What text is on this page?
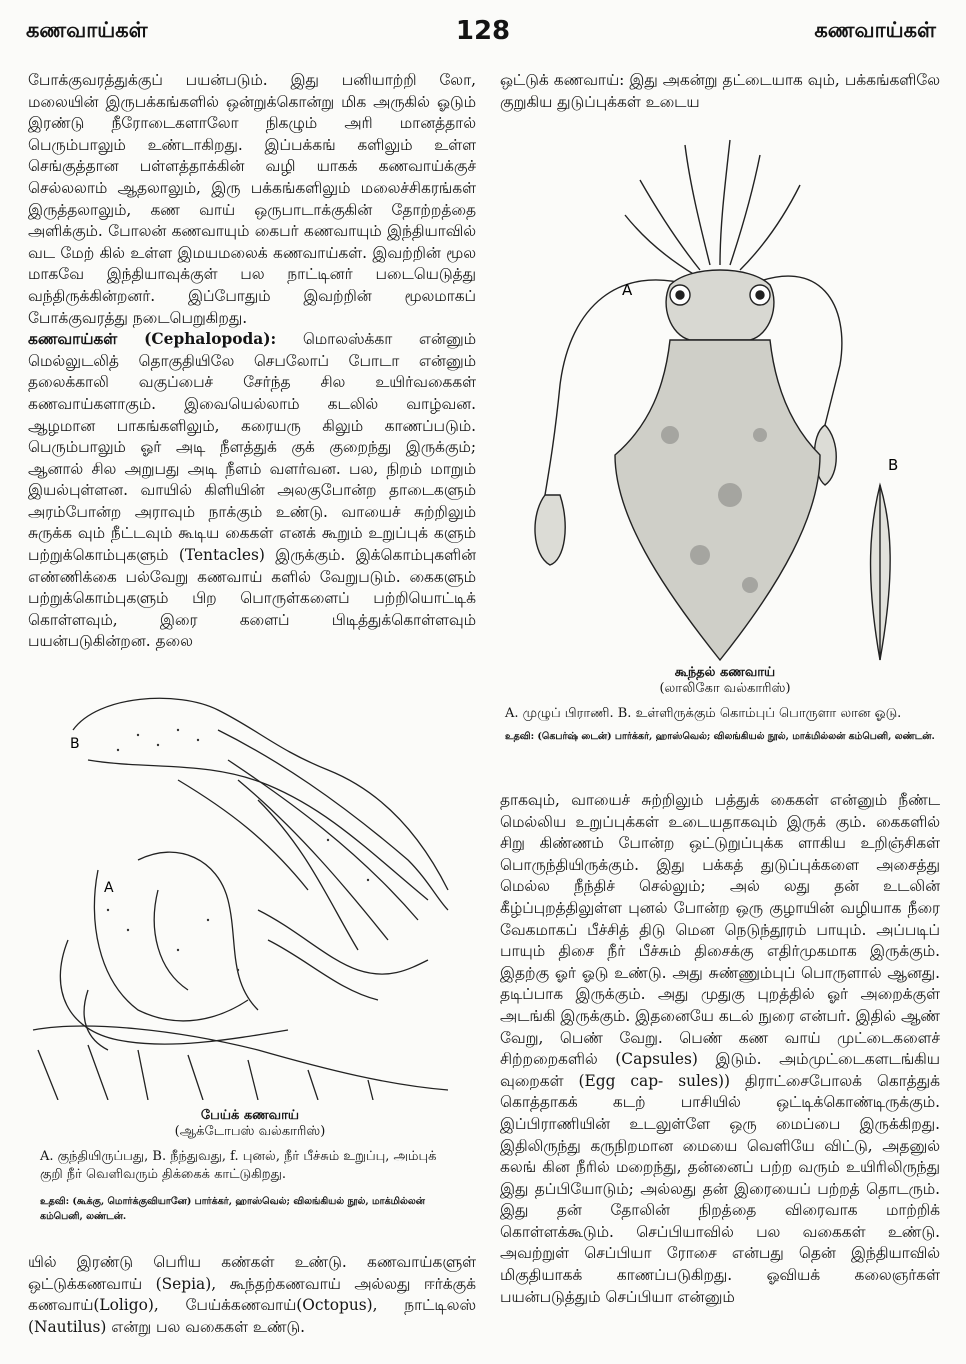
கணவாய்கள்	128	கணவாய்கள்

போக்குவரத்துக்குப் பயன்படும். இது பனியாற்றி லோ, மலையின் இருபக்கங்களில் ஒன்றுக்கொன்று மிக அருகில் ஓடும் இரண்டு நீரோடைகளாலோ நிகழும் அரி மானத்தால் பெரும்பாலும் உண்டாகிறது. இப்பக்கங் களிலும் உள்ள செங்குத்தான பள்ளத்தாக்கின் வழி யாகக் கணவாய்க்குச் செல்லலாம் ஆதலாலும், இரு பக்கங்களிலும் மலைச்சிகரங்கள் இருத்தலாலும், கண வாய் ஒருபாடாக்குகின் தோற்றத்தை அளிக்கும். போலன் கணவாயும் கைபர் கணவாயும் இந்தியாவில் வட மேற் கில் உள்ள இமயமலைக் கணவாய்கள். இவற்றின் மூல மாகவே இந்தியாவுக்குள் பல நாட்டினர் படையெடுத்து வந்திருக்கின்றனர். இப்போதும் இவற்றின் மூலமாகப் போக்குவரத்து நடைபெறுகிறது.

கணவாய்கள் (Cephalopoda): மொலஸ்க்கா என்னும் மெல்லுடலித் தொகுதியிலே செபலோப் போடா என்னும் தலைக்காலி வகுப்பைச் சேர்ந்த சில உயிர்வகைகள் கணவாய்களாகும். இவையெல்லாம் கடலில் வாழ்வன. ஆழமான பாகங்களிலும், கரையரு கிலும் காணப்படும். பெரும்பாலும் ஓர் அடி நீளத்துக் குக் குறைந்து இருக்கும்; ஆனால் சில அறுபது அடி நீளம் வளர்வன. பல, நிறம் மாறும் இயல்புள்ளன. வாயில் கிளியின் அலகுபோன்ற தாடைகளும் அரம்போன்ற அராவும் நாக்கும் உண்டு. வாயைச் சுற்றிலும் சுருக்க வும் நீட்டவும் கூடிய கைகள் எனக் கூறும் உறுப்புக் களும் பற்றுக்கொம்புகளும் (Tentacles) இருக்கும். இக்கொம்புகளின் எண்ணிக்கை பல்வேறு கணவாய் களில் வேறுபடும். கைகளும் பற்றுக்கொம்புகளும் பிற பொருள்களைப் பற்றியொட்டிக் கொள்ளவும், இரை களைப் பிடித்துக்கொள்ளவும் பயன்படுகின்றன. தலை

B
A
பேய்க் கணவாய்
(ஆக்டோபஸ் வல்காரிஸ்)
A. குந்தியிருப்பது, B. நீந்துவது, f. புனல், நீர் பீச்சும் உறுப்பு, அம்புக் குறி நீர் வெளிவரும் திக்கைக் காட்டுகிறது.
உதவி: (கூக்கு, மொர்க்குவியானே) பார்க்கர், ஹாஸ்வெல்; விலங்கியல் நூல், மாக்மில்லன் கம்பெனி, லண்டன்.
யில் இரண்டு பெரிய கண்கள் உண்டு. கணவாய்களுள் ஒட்டுக்கணவாய் (Sepia), கூந்தற்கணவாய் அல்லது ஈர்க்குக் கணவாய்(Loligo), பேய்க்கணவாய்(Octopus), நாட்டிலஸ் (Nautilus) என்று பல வகைகள் உண்டு.
ஒட்டுக் கணவாய்: இது அகன்று தட்டையாக வும், பக்கங்களிலே குறுகிய துடுப்புக்கள் உடைய
A
B
கூந்தல் கணவாய்
(லாலிகோ வல்காரிஸ்)
A. முழுப் பிராணி. B. உள்ளிருக்கும் கொம்புப் பொருளா லான ஓடு.
உதவி: (கெபர்ஷ் டைன்) பார்க்கர், ஹாஸ்வெல்; விலங்கியல் நூல், மாக்மில்லன் கம்பெனி, லண்டன்.
தாகவும், வாயைச் சுற்றிலும் பத்துக் கைகள் என்னும் நீண்ட மெல்லிய உறுப்புக்கள் உடையதாகவும் இருக் கும். கைகளில் சிறு கிண்ணம் போன்ற ஒட்டுறுப்புக்க ளாகிய உறிஞ்சிகள் பொருந்தியிருக்கும். இது பக்கத் துடுப்புக்களை அசைத்து மெல்ல நீந்திச் செல்லும்; அல் லது தன் உடலின் கீழ்ப்புறத்திலுள்ள புனல் போன்ற ஒரு குழாயின் வழியாக நீரை வேகமாகப் பீச்சித் திடு மென நெடுந்தூரம் பாயும். அப்படிப் பாயும் திசை நீர் பீச்சும் திசைக்கு எதிர்முகமாக இருக்கும். இதற்கு ஓர் ஓடு உண்டு. அது சுண்ணும்புப் பொருளால் ஆனது. தடிப்பாக இருக்கும். அது முதுகு புறத்தில் ஓர் அறைக்குள் அடங்கி இருக்கும். இதனையே கடல் நுரை என்பர். இதில் ஆண் வேறு, பெண் வேறு. பெண் கண வாய் முட்டைகளைச் சிற்றறைகளில் (Capsules) இடும். அம்முட்டைகளடங்கிய வுறைகள் (Egg cap- sules)) திராட்சைபோலக் கொத்துக் கொத்தாகக் கடற் பாசியில் ஒட்டிக்கொண்டிருக்கும். இப்பிராணியின் உடலுள்ளே ஒரு மைப்பை இருக்கிறது. இதிலிருந்து கருநிறமான மையை வெளியே விட்டு, அதனுல் கலங் கின நீரில் மறைந்து, தன்னைப் பற்ற வரும் உயிரிலிருந்து இது தப்பியோடும்; அல்லது தன் இரையைப் பற்றத் தொடரும். இது தன் தோலின் நிறத்தை விரைவாக மாற்றிக் கொள்ளக்கூடும். செப்பியாவில் பல வகைகள் உண்டு. அவற்றுள் செப்பியா ரோசை என்பது தென் இந்தியாவில் மிகுதியாகக் காணப்படுகிறது. ஓவியக் கலைஞர்கள் பயன்படுத்தும் செப்பியா என்னும்
